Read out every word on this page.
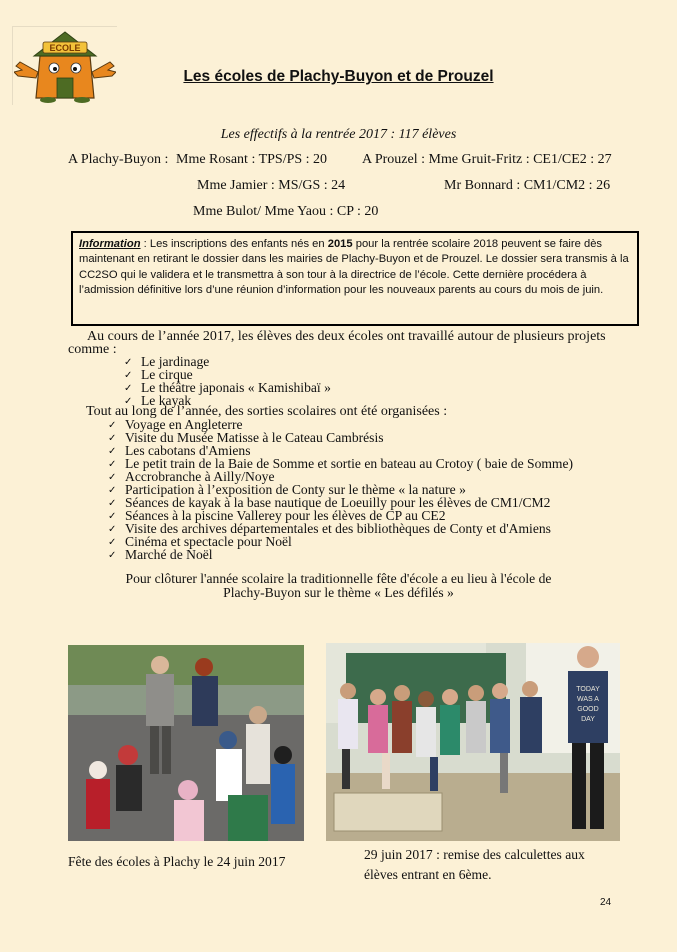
ECOLE
Les écoles de Plachy-Buyon et de Prouzel
Les effectifs à la rentrée 2017 : 117 élèves
A Plachy-Buyon : Mme Rosant : TPS/PS : 20 A Prouzel : Mme Gruit-Fritz : CE1/CE2 : 27
Mme Jamier : MS/GS : 24	Mr Bonnard : CM1/CM2 : 26
Mme Bulot/ Mme Yaou : CP : 20
Information : Les inscriptions des enfants nés en 2015 pour la rentrée scolaire 2018 peuvent se faire dès maintenant en retirant le dossier dans les mairies de Plachy-Buyon et de Prouzel. Le dossier sera transmis à la CC2SO qui le validera et le transmettra à son tour à la directrice de l’école. Cette dernière procédera à l’admission définitive lors d’une réunion d’information pour les nouveaux parents au cours du mois de juin.
Au cours de l’année 2017, les élèves des deux écoles ont travaillé autour de plusieurs projets
comme :
✓ Le jardinage
✓ Le cirque
✓ Le théâtre japonais « Kamishibaï »
✓ Le kayak
Tout au long de l’année, des sorties scolaires ont été organisées :
✓ Voyage en Angleterre
✓ Visite du Musée Matisse à le Cateau Cambrésis
✓ Les cabotans d'Amiens
✓ Le petit train de la Baie de Somme et sortie en bateau au Crotoy ( baie de Somme)
✓ Accrobranche à Ailly/Noye
✓ Participation à l’exposition de Conty sur le thème « la nature »
✓ Séances de kayak à la base nautique de Loeuilly pour les élèves de CM1/CM2
✓ Séances à la piscine Vallerey pour les élèves de CP au CE2
✓ Visite des archives départementales et des bibliothèques de Conty et d'Amiens
✓ Cinéma et spectacle pour Noël
✓ Marché de Noël
Pour clôturer l'année scolaire la traditionnelle fête d'école a eu lieu à l'école de
Plachy-Buyon sur le thème « Les défilés »
Fête des écoles à Plachy le 24 juin 2017
TODAY
WAS A
GOOD
DAY
29 juin 2017 : remise des calculettes aux
élèves entrant en 6ème.
24
